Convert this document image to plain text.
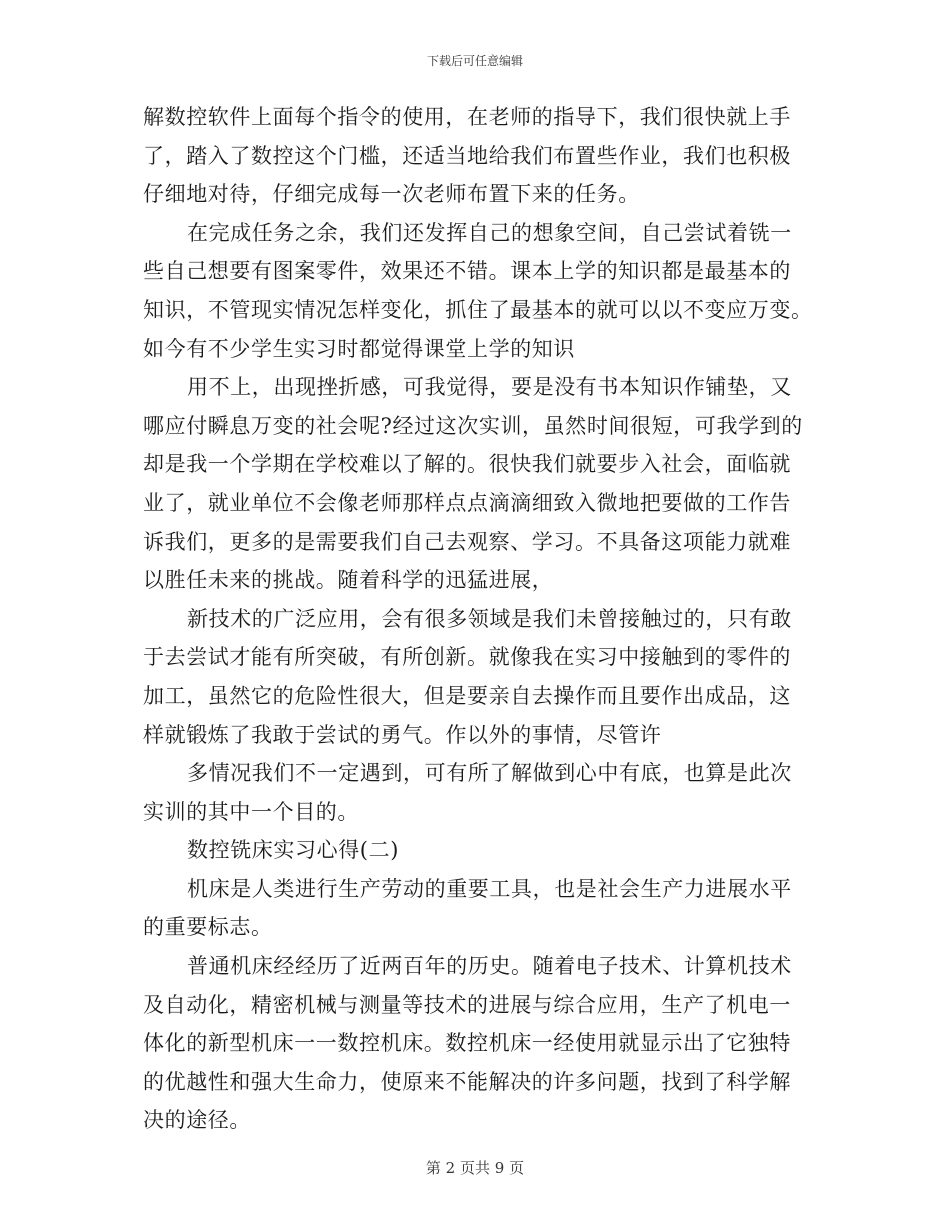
下载后可任意编辑
解数控软件上面每个指令的使用，在老师的指导下，我们很快就上手
了，踏入了数控这个门槛，还适当地给我们布置些作业，我们也积极
仔细地对待，仔细完成每一次老师布置下来的任务。
在完成任务之余，我们还发挥自己的想象空间，自己尝试着铣一
些自己想要有图案零件，效果还不错。课本上学的知识都是最基本的
知识，不管现实情况怎样变化，抓住了最基本的就可以以不变应万变。
如今有不少学生实习时都觉得课堂上学的知识
用不上，出现挫折感，可我觉得，要是没有书本知识作铺垫，又
哪应付瞬息万变的社会呢?经过这次实训，虽然时间很短，可我学到的
却是我一个学期在学校难以了解的。很快我们就要步入社会，面临就
业了，就业单位不会像老师那样点点滴滴细致入微地把要做的工作告
诉我们，更多的是需要我们自己去观察、学习。不具备这项能力就难
以胜任未来的挑战。随着科学的迅猛进展，
新技术的广泛应用，会有很多领域是我们未曾接触过的，只有敢
于去尝试才能有所突破，有所创新。就像我在实习中接触到的零件的
加工，虽然它的危险性很大，但是要亲自去操作而且要作出成品，这
样就锻炼了我敢于尝试的勇气。作以外的事情，尽管许
多情况我们不一定遇到，可有所了解做到心中有底，也算是此次
实训的其中一个目的。
数控铣床实习心得(二)
机床是人类进行生产劳动的重要工具，也是社会生产力进展水平
的重要标志。
普通机床经经历了近两百年的历史。随着电子技术、计算机技术
及自动化，精密机械与测量等技术的进展与综合应用，生产了机电一
体化的新型机床一一数控机床。数控机床一经使用就显示出了它独特
的优越性和强大生命力，使原来不能解决的许多问题，找到了科学解
决的途径。
第 2 页共 9 页
